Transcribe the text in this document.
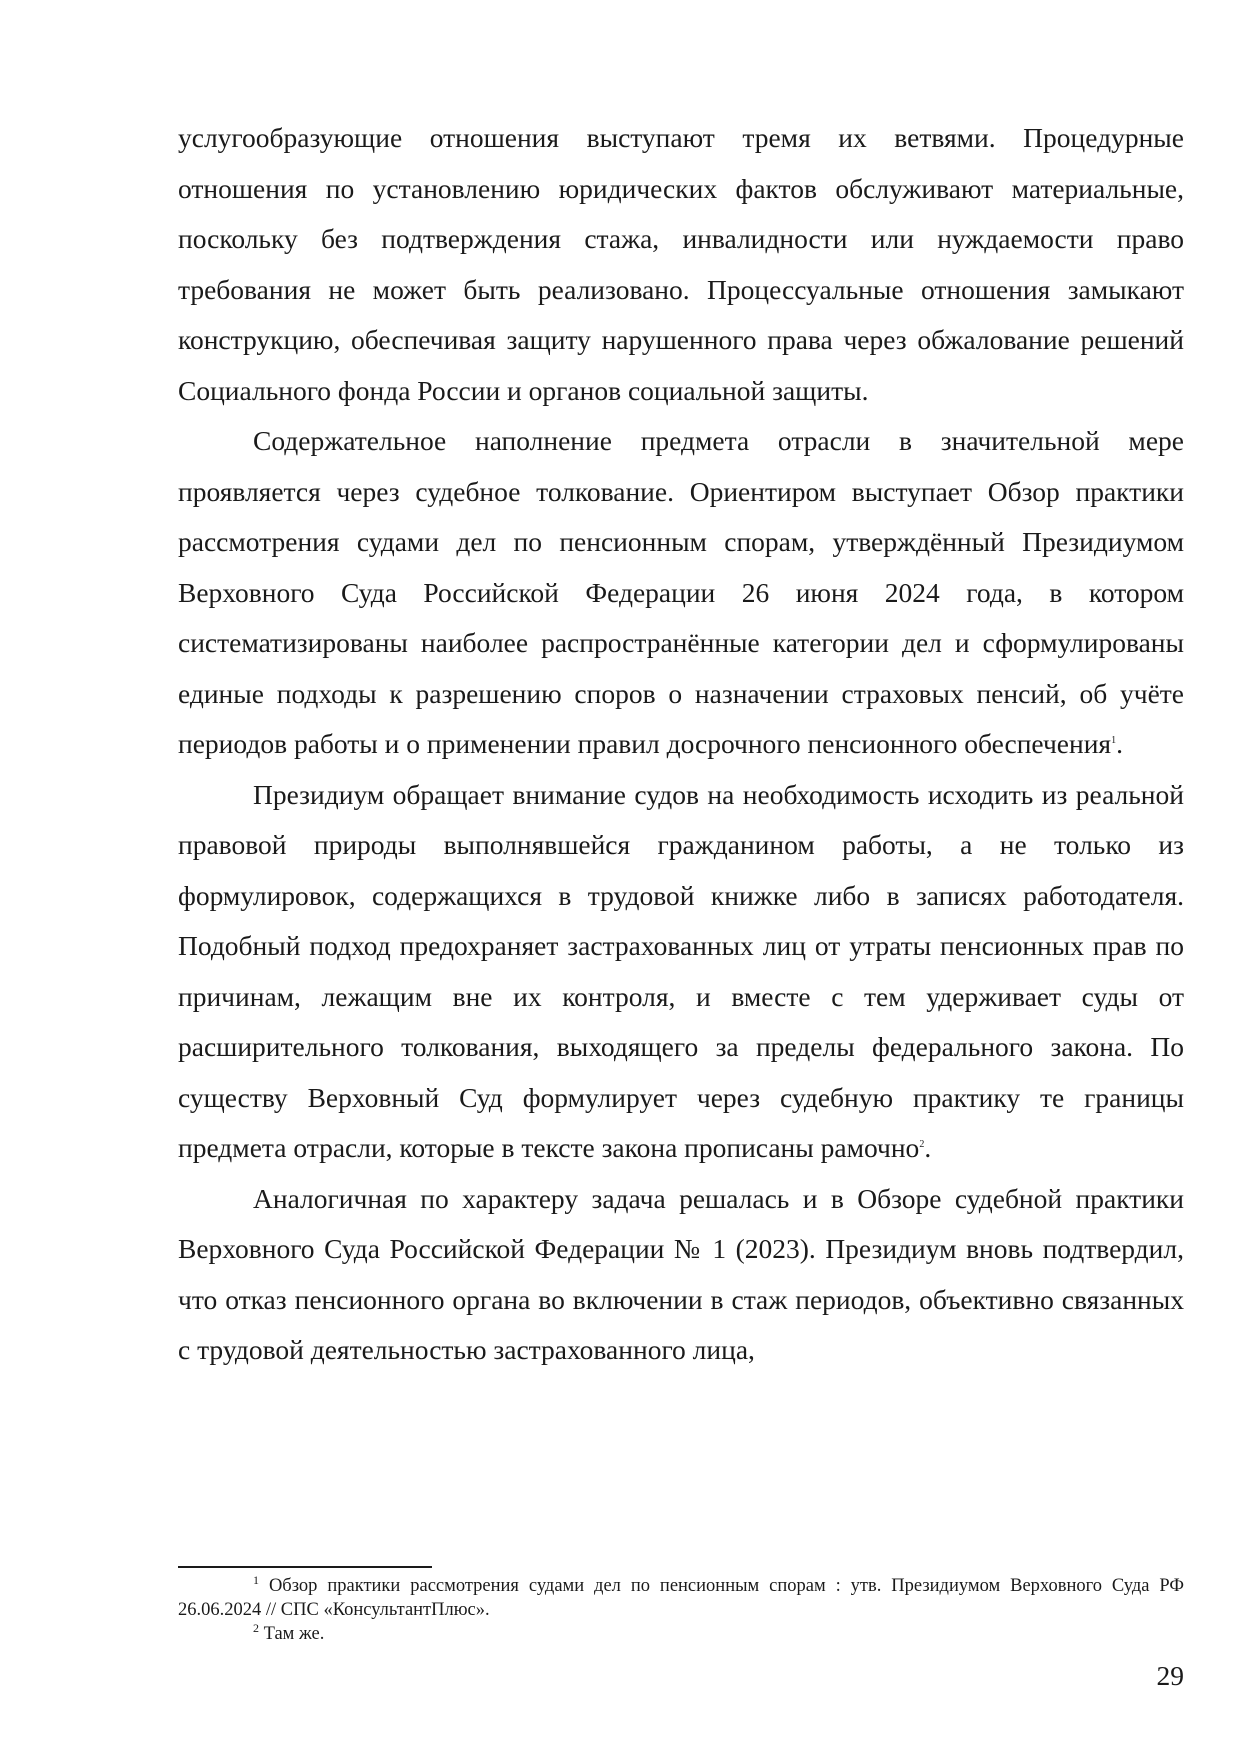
услугообразующие отношения выступают тремя их ветвями. Процедурные отношения по установлению юридических фактов обслуживают материальные, поскольку без подтверждения стажа, инвалидности или нуждаемости право требования не может быть реализовано. Процессуальные отношения замыкают конструкцию, обеспечивая защиту нарушенного права через обжалование решений Социального фонда России и органов социальной защиты.

Содержательное наполнение предмета отрасли в значительной мере проявляется через судебное толкование. Ориентиром выступает Обзор практики рассмотрения судами дел по пенсионным спорам, утверждённый Президиумом Верховного Суда Российской Федерации 26 июня 2024 года, в котором систематизированы наиболее распространённые категории дел и сформулированы единые подходы к разрешению споров о назначении страховых пенсий, об учёте периодов работы и о применении правил досрочного пенсионного обеспечения$^1$.

Президиум обращает внимание судов на необходимость исходить из реальной правовой природы выполнявшейся гражданином работы, а не только из формулировок, содержащихся в трудовой книжке либо в записях работодателя. Подобный подход предохраняет застрахованных лиц от утраты пенсионных прав по причинам, лежащим вне их контроля, и вместе с тем удерживает суды от расширительного толкования, выходящего за пределы федерального закона. По существу Верховный Суд формулирует через судебную практику те границы предмета отрасли, которые в тексте закона прописаны рамочно$^2$.

Аналогичная по характеру задача решалась и в Обзоре судебной практики Верховного Суда Российской Федерации № 1 (2023). Президиум вновь подтвердил, что отказ пенсионного органа во включении в стаж периодов, объективно связанных с трудовой деятельностью застрахованного лица,

$^1$ Обзор практики рассмотрения судами дел по пенсионным спорам : утв. Президиумом Верховного Суда РФ 26.06.2024 // СПС «КонсультантПлюс».

$^2$ Там же.

29
